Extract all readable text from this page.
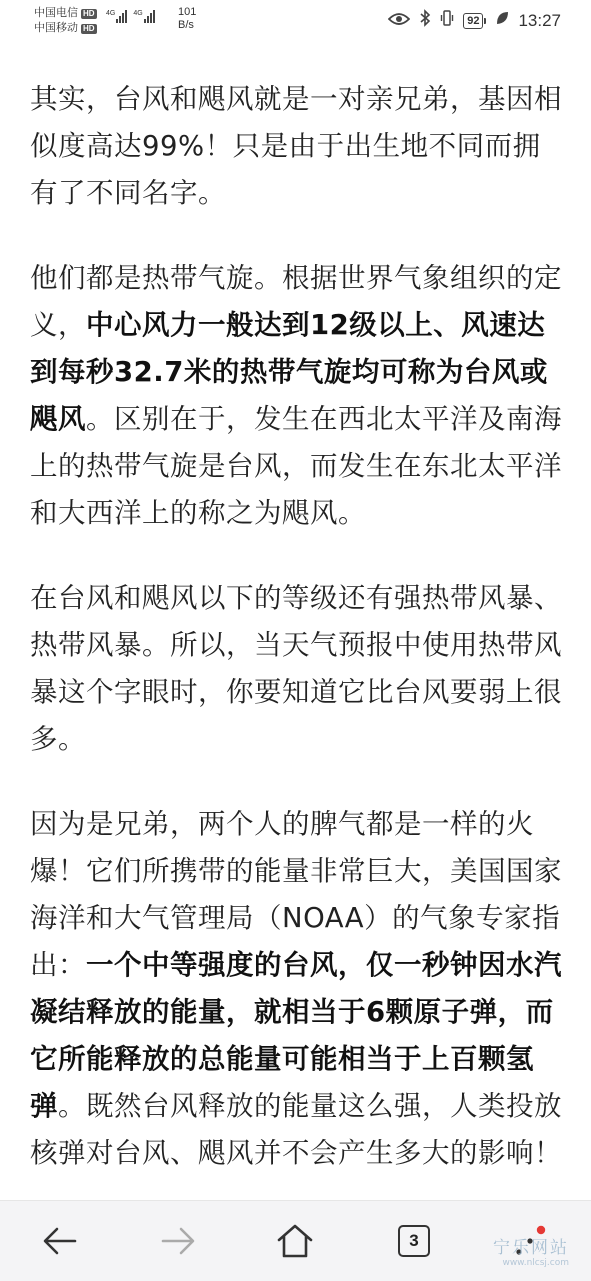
中国电信 HD
中国移动 HD
4G	4G	101
B/s	92 13:27

其实，台风和飓风就是一对亲兄弟，基因相似度高达99%！只是由于出生地不同而拥有了不同名字。

他们都是热带气旋。根据世界气象组织的定义，中心风力一般达到12级以上、风速达到每秒32.7米的热带气旋均可称为台风或飓风。区别在于，发生在西北太平洋及南海上的热带气旋是台风，而发生在东北太平洋和大西洋上的称之为飓风。

在台风和飓风以下的等级还有强热带风暴、热带风暴。所以，当天气预报中使用热带风暴这个字眼时，你要知道它比台风要弱上很多。

因为是兄弟，两个人的脾气都是一样的火爆！它们所携带的能量非常巨大，美国国家海洋和大气管理局（NOAA）的气象专家指出：一个中等强度的台风，仅一秒钟因水汽凝结释放的能量，就相当于6颗原子弹，而它所能释放的总能量可能相当于上百颗氢弹。既然台风释放的能量这么强，人类投放核弹对台风、飓风并不会产生多大的影响！

3	宁乐网站
www.nlcsj.com
